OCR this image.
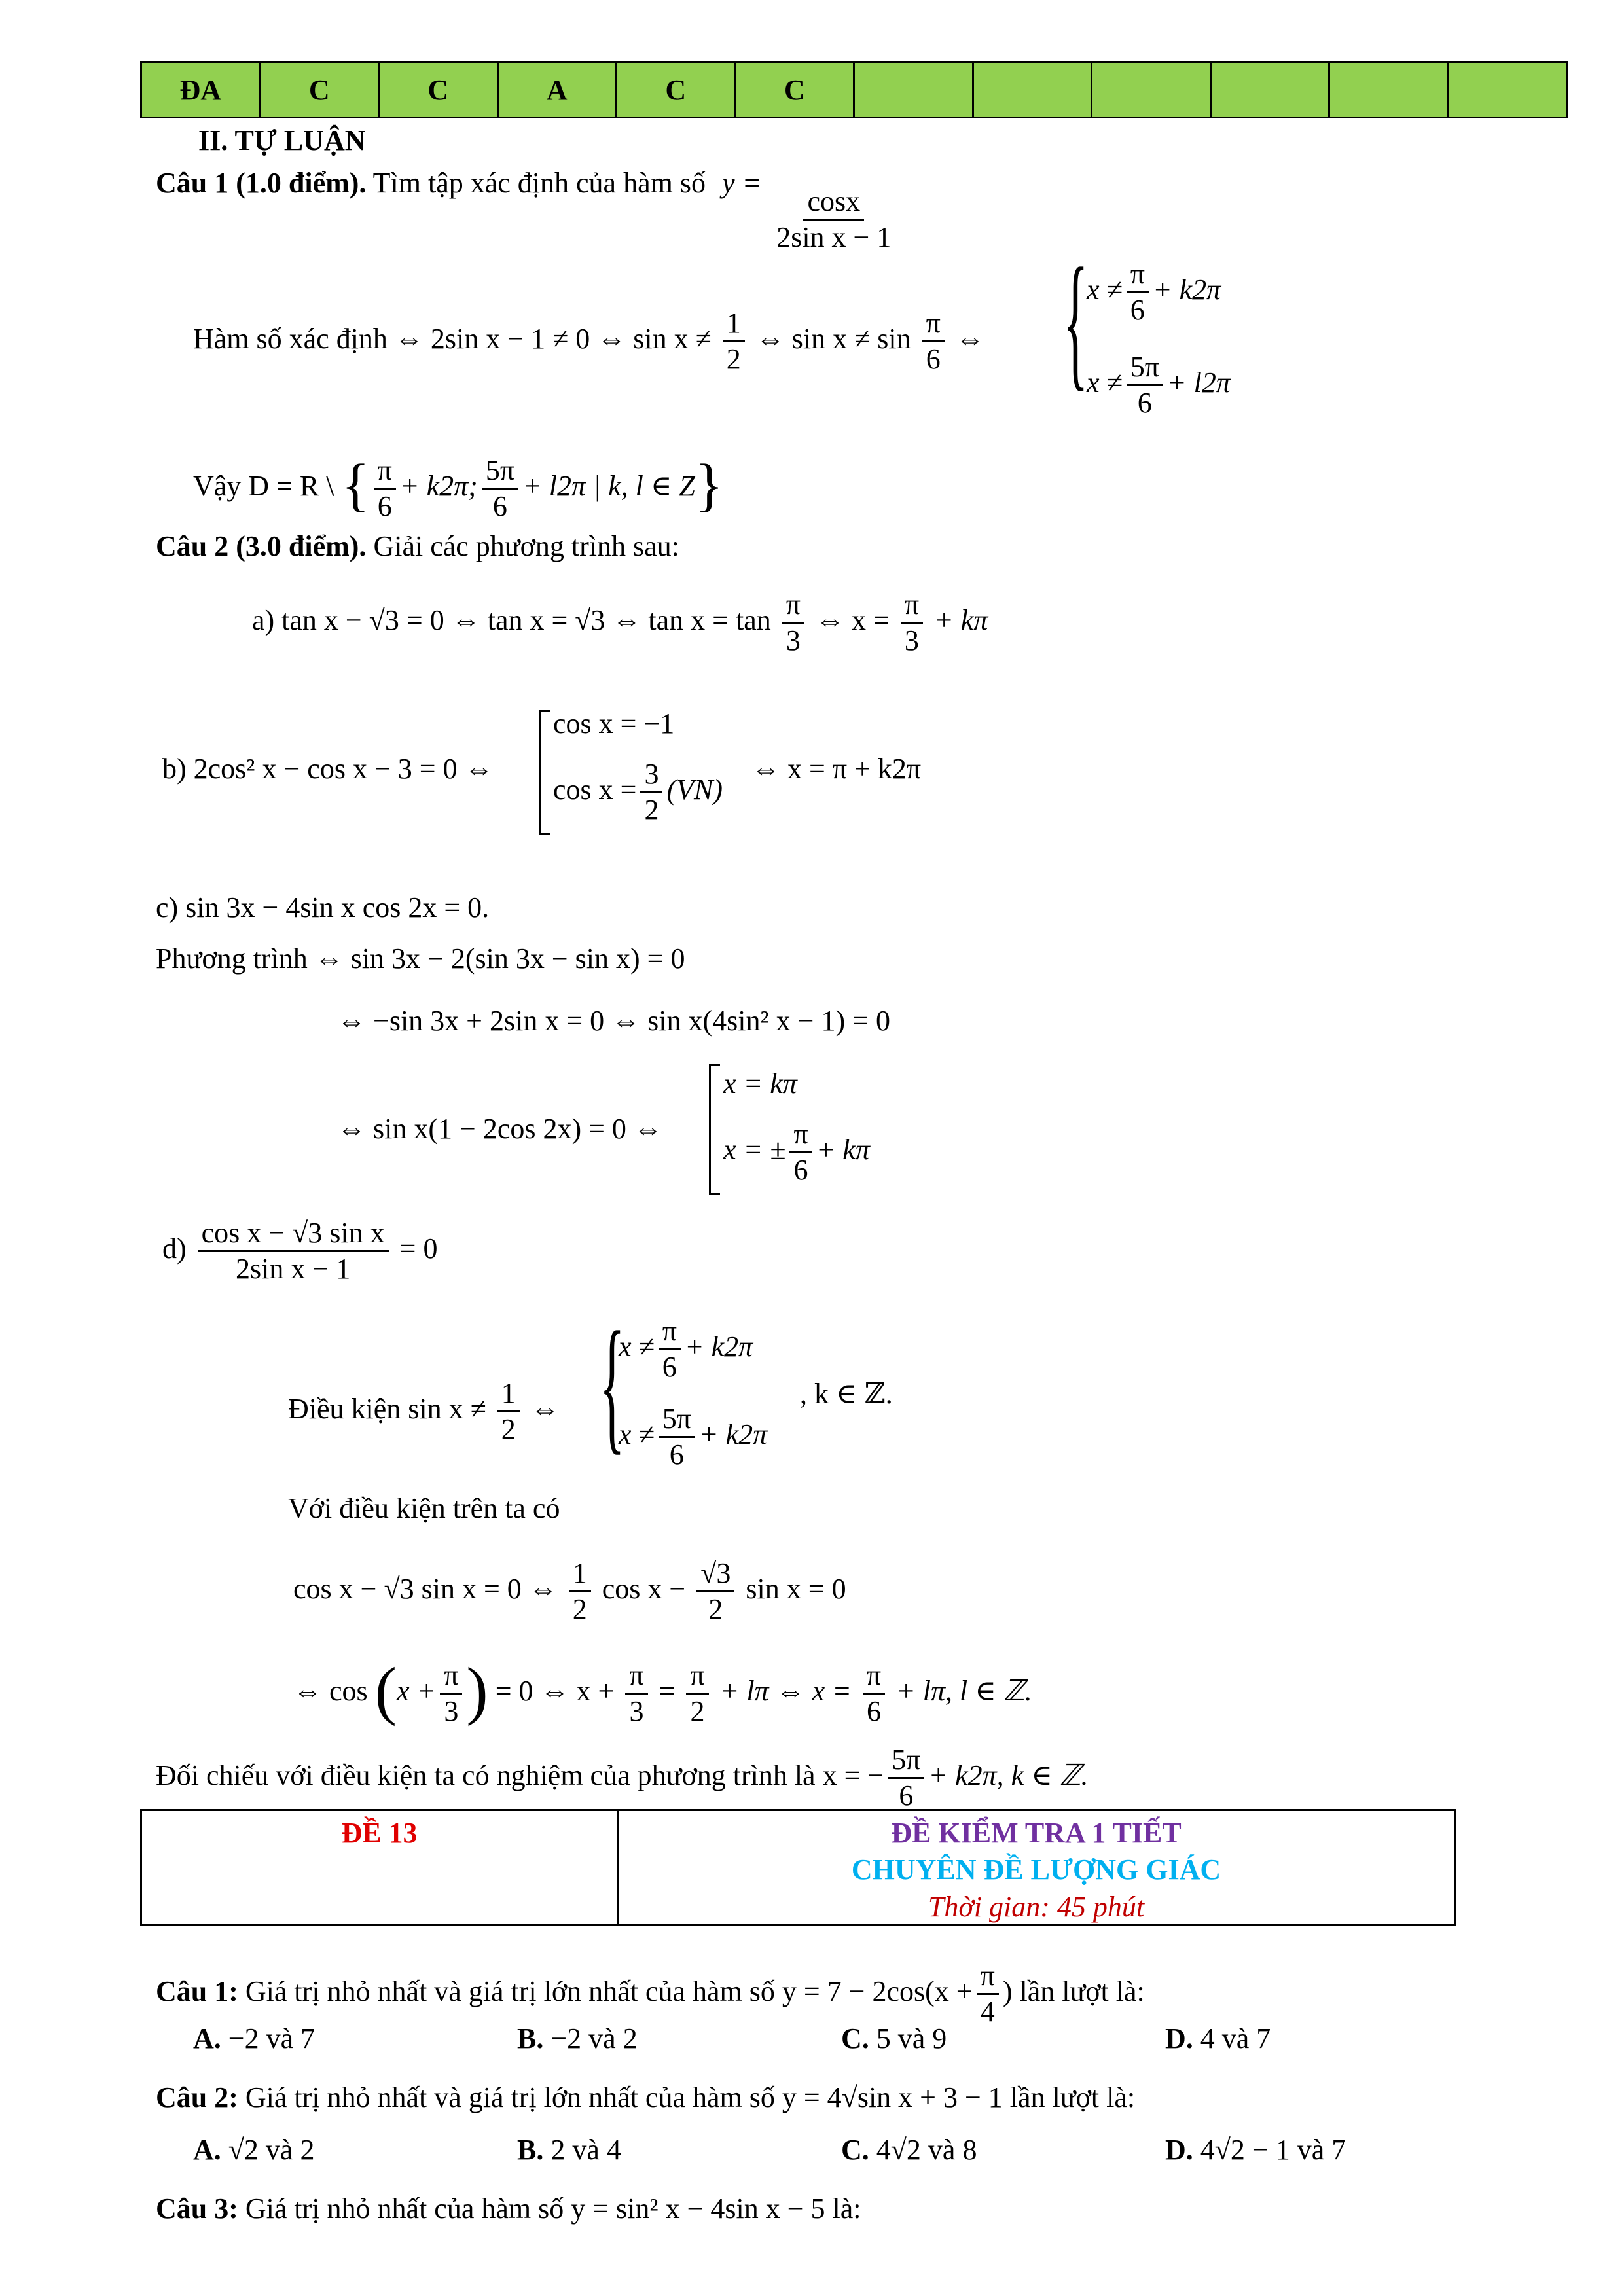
ĐA	C	C	A	C	C						
II. TỰ LUẬN
Câu 1 (1.0 điểm). Tìm tập xác định của hàm số y =
$\frac{\cos x}{\text{2sin x − 1}}$
Hàm số xác định ⇔ 2sin x − 1 ≠ 0 ⇔ $\sin x \ne \frac{1}{2}$ ⇔ $\sin x \ne \sin \frac{\pi}{6}$ ⇔ {
$x \ne \frac{\pi}{6} + k2\pi$
$x \ne \frac{5\pi}{6} + l2\pi$
Vậy D = R \ { $\frac{\pi}{6} + k2\pi$; $\frac{5\pi}{6} + l2\pi$ | k, l ∈ Z}
Câu 2 (3.0 điểm). Giải các phương trình sau:
a) tan x − √3 = 0 ⇔ tan x = √3 ⇔ $\tan x = \tan \frac{\pi}{3}$ ⇔ $x = \frac{\pi}{3} + k\pi$
b) 2cos² x − cos x − 3 = 0 ⇔
cos x = −1
$\cos x = \frac{3}{2} (VN)$
⇔ x = π + k2π
c) sin 3x − 4sin x cos 2x = 0.
Phương trình ⇔ sin 3x − 2(sin 3x − sin x) = 0
⇔ −sin 3x + 2sin x = 0 ⇔ sin x(4sin² x − 1) = 0
⇔ sin x(1 − 2cos 2x) = 0 ⇔
x = kπ
x = ± $\frac{\pi}{6} + k\pi$
$d) \frac{\text{cos x − √3 sin x}}{\text{2sin x − 1}} = 0$
Điều kiện $\sin x \ne \frac{1}{2}$ ⇔ {
$x \ne \frac{\pi}{6} + k2\pi$
$x \ne \frac{5\pi}{6} + k2\pi$
, k ∈ ℤ.
Với điều kiện trên ta có
cos x − √3 sin x = 0 ⇔ $\frac{1}{2}$ $\cos x - \frac{√3}{2}$ sin x = 0
⇔ $\cos (x + \frac{\pi}{3}$ ) = 0 ⇔ $x + \frac{\pi}{3} = \frac{\pi}{2} + l\pi$ ⇔ $x = \frac{\pi}{6} + l\pi$, l ∈ ℤ.
Đối chiếu với điều kiện ta có nghiệm của phương trình là x = − $\frac{5\pi}{6} + k2\pi$, k ∈ ℤ.
ĐỀ 13	ĐỀ KIỂM TRA 1 TIẾT
CHUYÊN ĐỀ LƯỢNG GIÁC
Thời gian: 45 phút
Câu 1: Giá trị nhỏ nhất và giá trị lớn nhất của hàm số $y = 7 - 2\cos(x + \frac{\pi}{4}$ ) lần lượt là:
A. −2 và 7	B. −2 và 2	C. 5 và 9	D. 4 và 7
Câu 2: Giá trị nhỏ nhất và giá trị lớn nhất của hàm số y = 4√sin x + 3 − 1 lần lượt là:
A. √2 và 2	B. 2 và 4	C. 4√2 và 8	D. 4√2 − 1 và 7
Câu 3: Giá trị nhỏ nhất của hàm số y = sin² x − 4sin x − 5 là:
